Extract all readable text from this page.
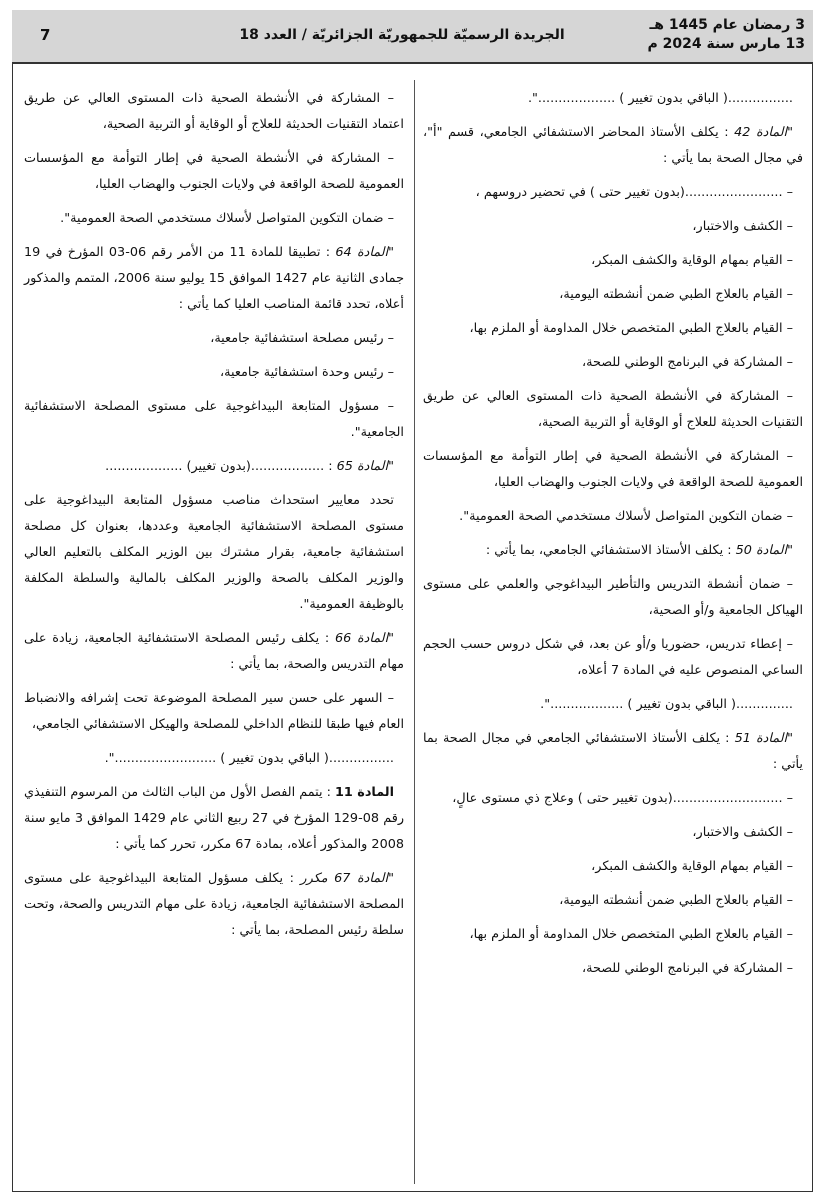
3 رمضان عام 1445 هـ
13 مارس سنة 2024 م
الجريدة الرسميّة للجمهوريّة الجزائريّة / العدد 18
7

................( الباقي بدون تغيير ) ...................".

"المادة 42 : يكلف الأستاذ المحاضر الاستشفائي الجامعي، قسم "أ"، في مجال الصحة بما يأتي :

– ........................(بدون تغيير حتى ) في تحضير دروسهم ،

– الكشف والاختبار،

– القيام بمهام الوقاية والكشف المبكر،

– القيام بالعلاج الطبي ضمن أنشطته اليومية،

– القيام بالعلاج الطبي المتخصص خلال المداومة أو الملزم بها،

– المشاركة في البرنامج الوطني للصحة،

– المشاركة في الأنشطة الصحية ذات المستوى العالي عن طريق التقنيات الحديثة للعلاج أو الوقاية أو التربية الصحية،

– المشاركة في الأنشطة الصحية في إطار التوأمة مع المؤسسات العمومية للصحة الواقعة في ولايات الجنوب والهضاب العليا،

– ضمان التكوين المتواصل لأسلاك مستخدمي الصحة العمومية".

"المادة 50 : يكلف الأستاذ الاستشفائي الجامعي، بما يأتي :

– ضمان أنشطة التدريس والتأطير البيداغوجي والعلمي على مستوى الهياكل الجامعية و/أو الصحية،

– إعطاء تدريس، حضوريا و/أو عن بعد، في شكل دروس حسب الحجم الساعي المنصوص عليه في المادة 7 أعلاه،

..............( الباقي بدون تغيير ) ..................".

"المادة 51 : يكلف الأستاذ الاستشفائي الجامعي في مجال الصحة بما يأتي :

– ...........................(بدون تغيير حتى ) وعلاج ذي مستوى عالٍ،

– الكشف والاختبار،

– القيام بمهام الوقاية والكشف المبكر،

– القيام بالعلاج الطبي ضمن أنشطته اليومية،

– القيام بالعلاج الطبي المتخصص خلال المداومة أو الملزم بها،

– المشاركة في البرنامج الوطني للصحة،

– المشاركة في الأنشطة الصحية ذات المستوى العالي عن طريق اعتماد التقنيات الحديثة للعلاج أو الوقاية أو التربية الصحية،

– المشاركة في الأنشطة الصحية في إطار التوأمة مع المؤسسات العمومية للصحة الواقعة في ولايات الجنوب والهضاب العليا،

– ضمان التكوين المتواصل لأسلاك مستخدمي الصحة العمومية".

"المادة 64 : تطبيقا للمادة 11 من الأمر رقم 06-03 المؤرخ في 19 جمادى الثانية عام 1427 الموافق 15 يوليو سنة 2006، المتمم والمذكور أعلاه، تحدد قائمة المناصب العليا كما يأتي :

– رئيس مصلحة استشفائية جامعية،

– رئيس وحدة استشفائية جامعية،

– مسؤول المتابعة البيداغوجية على مستوى المصلحة الاستشفائية الجامعية".

"المادة 65 : ..................(بدون تغيير) ...................

تحدد معايير استحداث مناصب مسؤول المتابعة البيداغوجية على مستوى المصلحة الاستشفائية الجامعية وعددها، بعنوان كل مصلحة استشفائية جامعية، بقرار مشترك بين الوزير المكلف بالتعليم العالي والوزير المكلف بالصحة والوزير المكلف بالمالية والسلطة المكلفة بالوظيفة العمومية".

"المادة 66 : يكلف رئيس المصلحة الاستشفائية الجامعية، زيادة على مهام التدريس والصحة، بما يأتي :

– السهر على حسن سير المصلحة الموضوعة تحت إشرافه والانضباط العام فيها طبقا للنظام الداخلي للمصلحة والهيكل الاستشفائي الجامعي،

................( الباقي بدون تغيير ) .........................".

المادة 11 : يتمم الفصل الأول من الباب الثالث من المرسوم التنفيذي رقم 08-129 المؤرخ في 27 ربيع الثاني عام 1429 الموافق 3 مايو سنة 2008 والمذكور أعلاه، بمادة 67 مكرر، تحرر كما يأتي :

"المادة 67 مكرر : يكلف مسؤول المتابعة البيداغوجية على مستوى المصلحة الاستشفائية الجامعية، زيادة على مهام التدريس والصحة، وتحت سلطة رئيس المصلحة، بما يأتي :
